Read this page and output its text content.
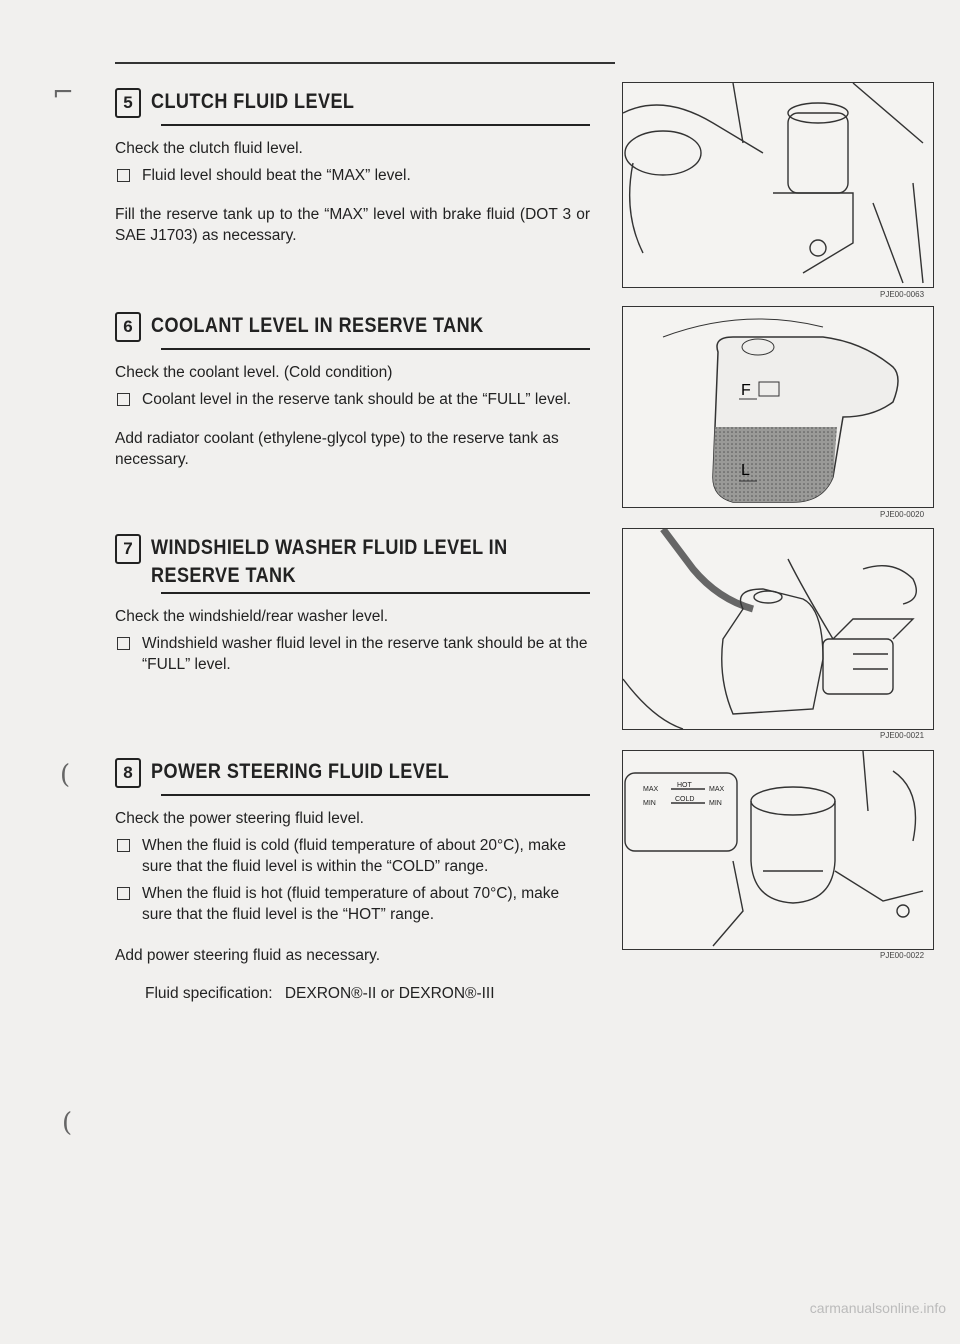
⌐
(
(
5 CLUTCH FLUID LEVEL

Check the clutch fluid level.

Fluid level should beat the “MAX” level.

Fill the reserve tank up to the “MAX” level with brake fluid (DOT 3 or SAE J1703) as necessary.

PJE00-0063
6 COOLANT LEVEL IN RESERVE TANK

Check the coolant level. (Cold condition)

Coolant level in the reserve tank should be at the “FULL” level.

Add radiator coolant (ethylene-glycol type) to the reserve tank as necessary.

F
L
PJE00-0020
7 WINDSHIELD WASHER FLUID LEVEL IN
RESERVE TANK

Check the windshield/rear washer level.

Windshield washer fluid level in the reserve tank should be at the “FULL” level.

PJE00-0021
8 POWER STEERING FLUID LEVEL

Check the power steering fluid level.

When the fluid is cold (fluid temperature of about 20°C), make sure that the fluid level is within the “COLD” range.

When the fluid is hot (fluid temperature of about 70°C), make sure that the fluid level is the “HOT” range.

Add power steering fluid as necessary.

Fluid specification: DEXRON®-II or DEXRON®-III
MAX
MIN
HOT
COLD
MAX
MIN
PJE00-0022
carmanualsonline.info
